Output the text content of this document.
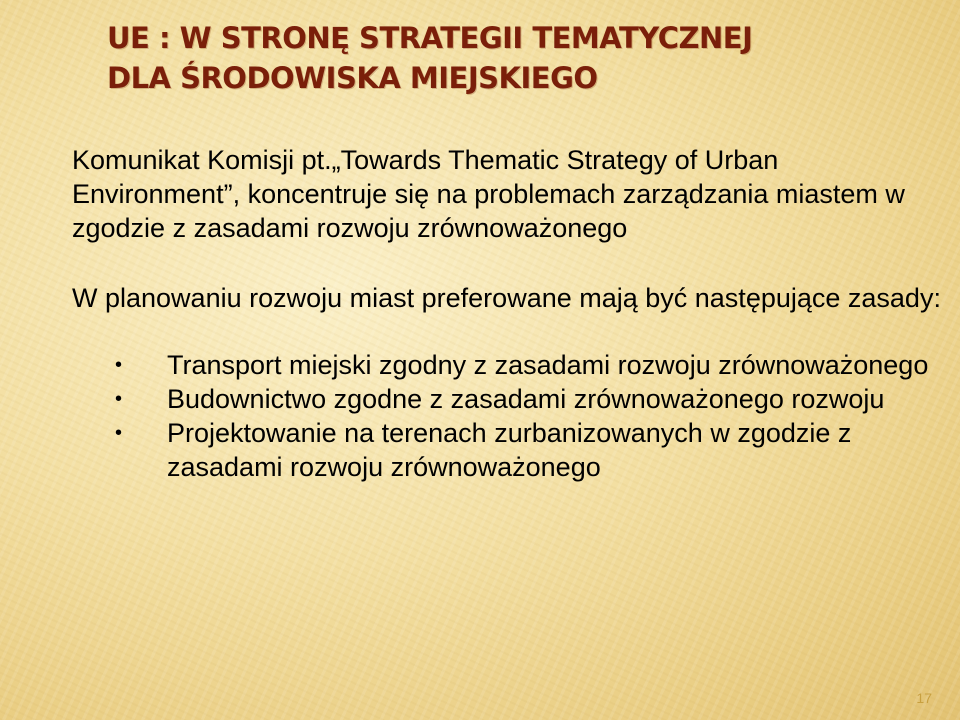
UE : W STRONĘ STRATEGII TEMATYCZNEJ
DLA ŚRODOWISKA MIEJSKIEGO
Komunikat Komisji pt.„Towards Thematic Strategy of Urban Environment”, koncentruje się na problemach zarządzania miastem w zgodzie z zasadami rozwoju zrównoważonego
W planowaniu rozwoju miast preferowane mają być następujące zasady:
• Transport miejski zgodny z zasadami rozwoju zrównoważonego
• Budownictwo zgodne z zasadami zrównoważonego rozwoju
• Projektowanie na terenach zurbanizowanych w zgodzie z zasadami rozwoju zrównoważonego
17
